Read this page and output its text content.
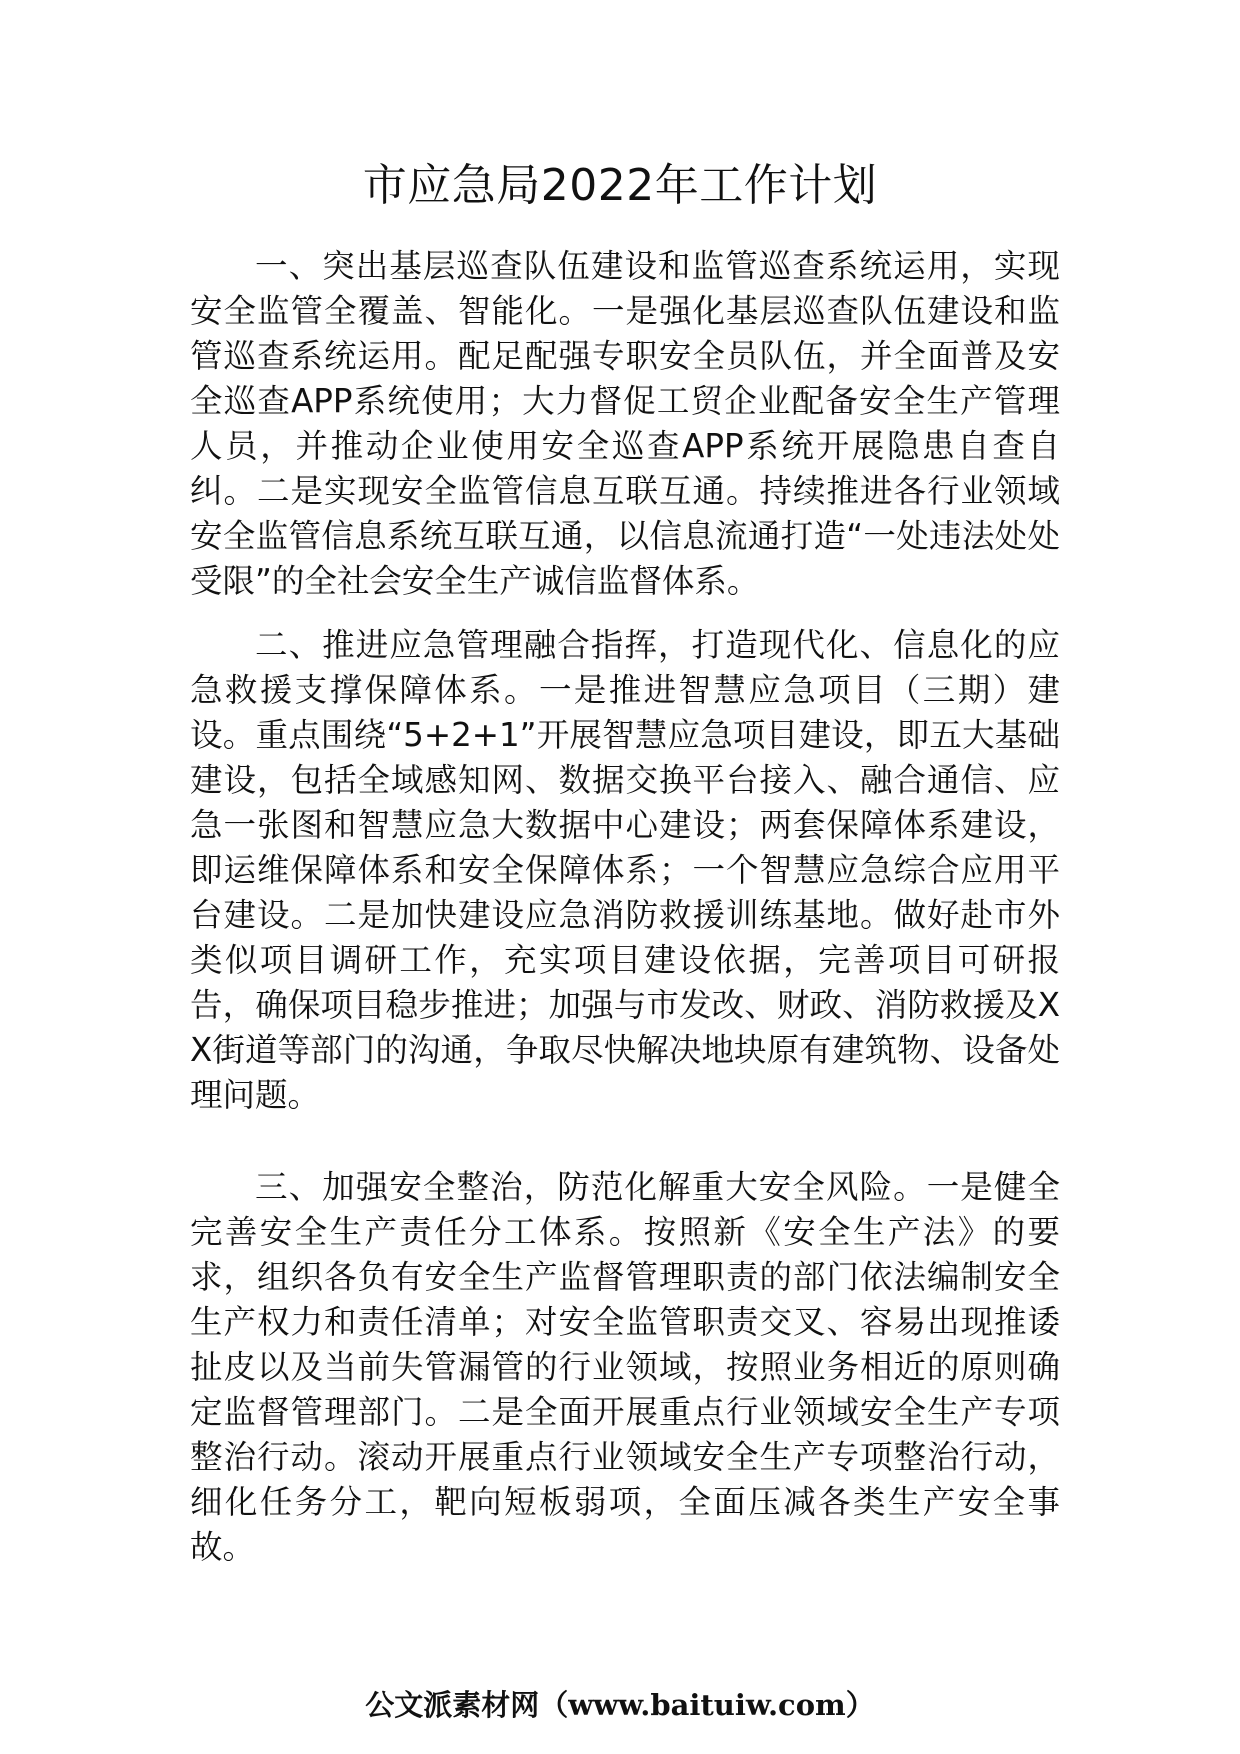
市应急局2022年工作计划

一、突出基层巡查队伍建设和监管巡查系统运用，实现安全监管全覆盖、智能化。一是强化基层巡查队伍建设和监管巡查系统运用。配足配强专职安全员队伍，并全面普及安全巡查APP系统使用；大力督促工贸企业配备安全生产管理人员，并推动企业使用安全巡查APP系统开展隐患自查自纠。二是实现安全监管信息互联互通。持续推进各行业领域安全监管信息系统互联互通，以信息流通打造“一处违法处处受限”的全社会安全生产诚信监督体系。

二、推进应急管理融合指挥，打造现代化、信息化的应急救援支撑保障体系。一是推进智慧应急项目（三期）建设。重点围绕“5+2+1”开展智慧应急项目建设，即五大基础建设，包括全域感知网、数据交换平台接入、融合通信、应急一张图和智慧应急大数据中心建设；两套保障体系建设，即运维保障体系和安全保障体系；一个智慧应急综合应用平台建设。二是加快建设应急消防救援训练基地。做好赴市外类似项目调研工作，充实项目建设依据，完善项目可研报告，确保项目稳步推进；加强与市发改、财政、消防救援及XX街道等部门的沟通，争取尽快解决地块原有建筑物、设备处理问题。

三、加强安全整治，防范化解重大安全风险。一是健全完善安全生产责任分工体系。按照新《安全生产法》的要求，组织各负有安全生产监督管理职责的部门依法编制安全生产权力和责任清单；对安全监管职责交叉、容易出现推诿扯皮以及当前失管漏管的行业领域，按照业务相近的原则确定监督管理部门。二是全面开展重点行业领域安全生产专项整治行动。滚动开展重点行业领域安全生产专项整治行动，细化任务分工，靶向短板弱项，全面压减各类生产安全事故。

公文派素材网（www.baituiw.com）
